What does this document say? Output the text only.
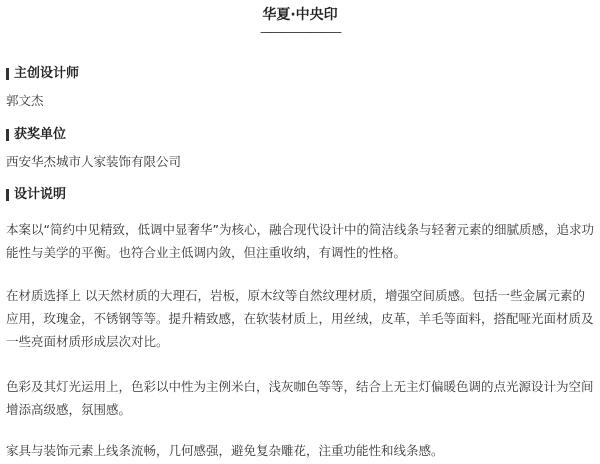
华夏·中央印
————————
主创设计师
郭文杰
获奖单位
西安华杰城市人家装饰有限公司
设计说明

本案以“简约中见精致，低调中显奢华”为核心，融合现代设计中的简洁线条与轻奢元素的细腻质感，追求功能性与美学的平衡。也符合业主低调内敛，但注重收纳，有调性的性格。

在材质选择上 以天然材质的大理石，岩板，原木纹等自然纹理材质，增强空间质感。包括一些金属元素的应用，玫瑰金，不锈钢等等。提升精致感，在软装材质上，用丝绒，皮革，羊毛等面料，搭配哑光面材质及一些亮面材质形成层次对比。

色彩及其灯光运用上，色彩以中性为主例米白，浅灰咖色等等，结合上无主灯偏暖色调的点光源设计为空间增添高级感，氛围感。

家具与装饰元素上线条流畅，几何感强，避免复杂雕花，注重功能性和线条感。
